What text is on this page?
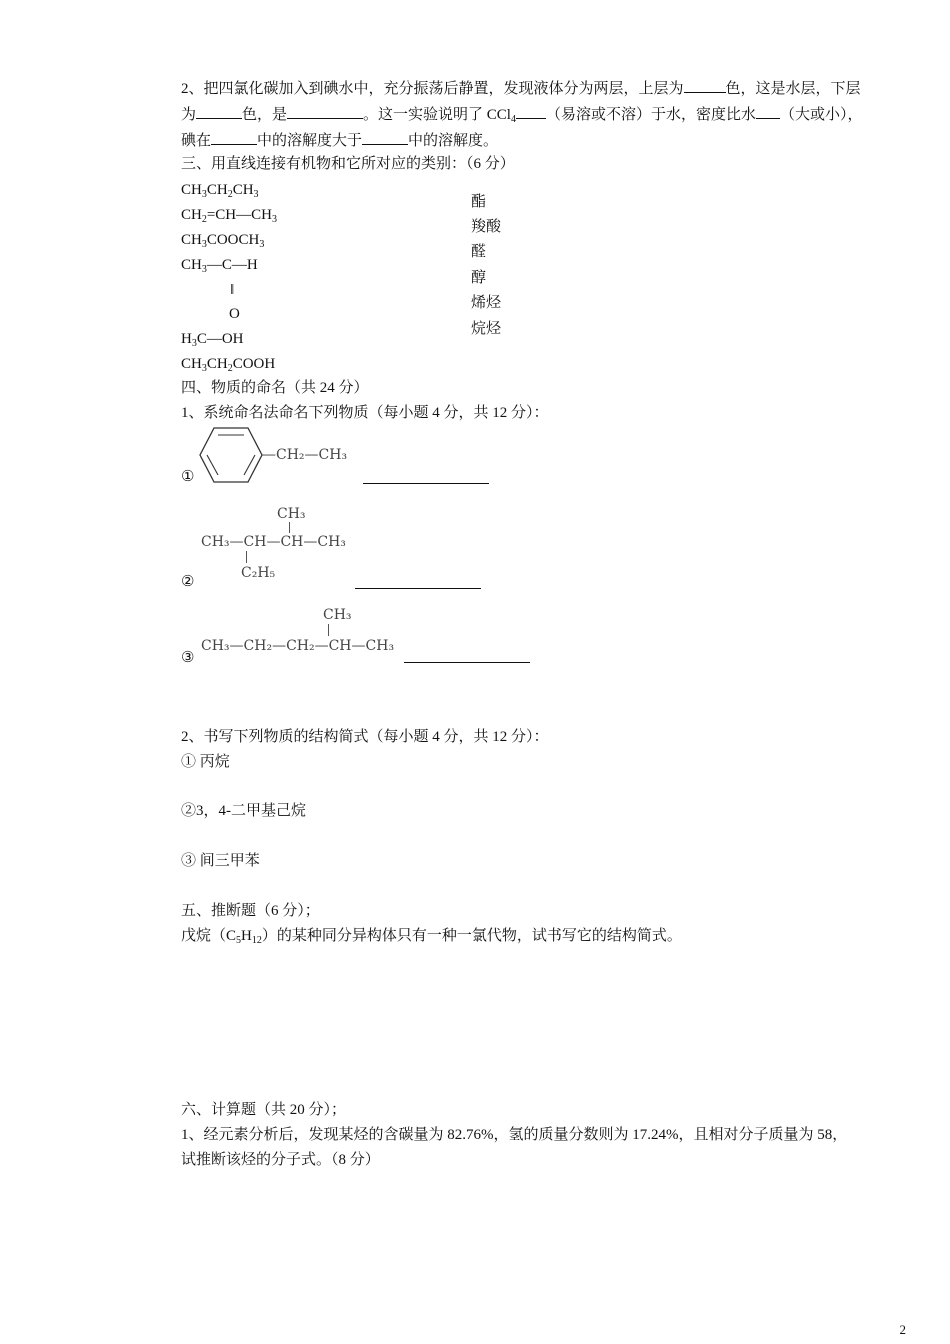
2、把四氯化碳加入到碘水中，充分振荡后静置，发现液体分为两层，上层为	色，这是水层，下层
为	色，是	。这一实验说明了 CCl$_4$ （易溶或不溶）于水，密度比水 （大或小），
碘在	中的溶解度大于	中的溶解度。
三、用直线连接有机物和它所对应的类别：（6 分）
$CH_3CH_2CH_3$
$CH_2=CH—CH_3$
$CH_3COOCH_3$
$CH_3—C—H$
‖
O
$H_3C—OH$
$CH_3CH_2COOH$
酯
羧酸
醛
醇
烯烃
烷烃
四、物质的命名（共 24 分）
1、系统命名法命名下列物质（每小题 4 分，共 12 分）：
①
—CH₂—CH₃
CH₃
CH₃—CH—CH—CH₃
C₂H₅
②
CH₃
③
CH₃—CH₂—CH₂—CH—CH₃
2、书写下列物质的结构简式（每小题 4 分，共 12 分）：
① 丙烷
②3，4-二甲基己烷
③ 间三甲苯
五、推断题（6 分）；
戊烷$(C_5H_{12})$的某种同分异构体只有一种一氯代物，试书写它的结构简式。
六、计算题（共 20 分）；
1、经元素分析后，发现某烃的含碳量为 82.76%，氢的质量分数则为 17.24%，且相对分子质量为 58，
试推断该烃的分子式。（8 分）
2
